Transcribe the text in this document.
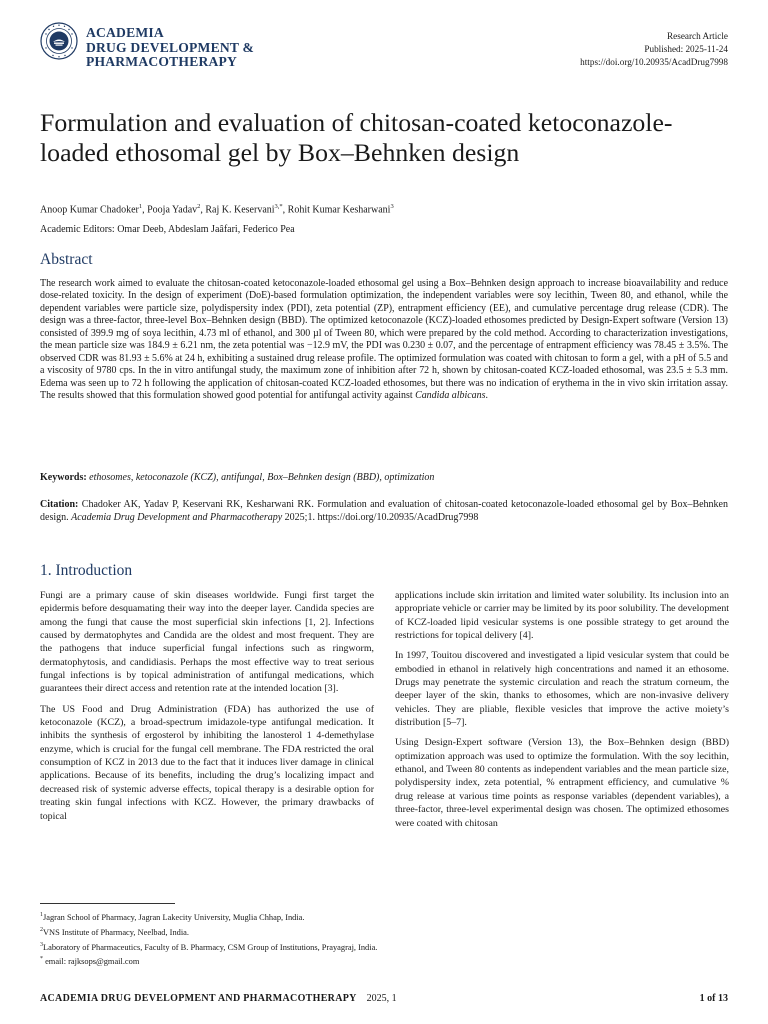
ACADEMIA
DRUG DEVELOPMENT &
PHARMACOTHERAPY
Research Article
Published: 2025-11-24
https://doi.org/10.20935/AcadDrug7998
Formulation and evaluation of chitosan-coated ketoconazole-loaded ethosomal gel by Box–Behnken design
Anoop Kumar Chadoker$^1$, Pooja Yadav$^2$, Raj K. Keservani$^{3,*}$, Rohit Kumar Kesharwani$^3$
Academic Editors: Omar Deeb, Abdeslam Jaâfari, Federico Pea
Abstract

The research work aimed to evaluate the chitosan-coated ketoconazole-loaded ethosomal gel using a Box–Behnken design approach to increase bioavailability and reduce dose-related toxicity. In the design of experiment (DoE)-based formulation optimization, the independent variables were soy lecithin, Tween 80, and ethanol, while the dependent variables were particle size, polydispersity index (PDI), zeta potential (ZP), entrapment efficiency (EE), and cumulative percentage drug release (CDR). The design was a three-factor, three-level Box–Behnken design (BBD). The optimized ketoconazole (KCZ)-loaded ethosomes predicted by Design-Expert software (Version 13) consisted of 399.9 mg of soya lecithin, 4.73 ml of ethanol, and 300 µl of Tween 80, which were prepared by the cold method. According to characterization investigations, the mean particle size was 184.9 ± 6.21 nm, the zeta potential was −12.9 mV, the PDI was 0.230 ± 0.07, and the percentage of entrapment efficiency was 78.45 ± 3.5%. The observed CDR was 81.93 ± 5.6% at 24 h, exhibiting a sustained drug release profile. The optimized formulation was coated with chitosan to form a gel, with a pH of 5.5 and a viscosity of 9780 cps. In the in vitro antifungal study, the maximum zone of inhibition after 72 h, shown by chitosan-coated KCZ-loaded ethosomal, was 23.5 ± 5.3 mm. Edema was seen up to 72 h following the application of chitosan-coated KCZ-loaded ethosomes, but there was no indication of erythema in the in vivo skin irritation assay. The results showed that this formulation showed good potential for antifungal activity against Candida albicans.

Keywords: ethosomes, ketoconazole (KCZ), antifungal, Box–Behnken design (BBD), optimization

Citation: Chadoker AK, Yadav P, Keservani RK, Kesharwani RK. Formulation and evaluation of chitosan-coated ketoconazole-loaded ethosomal gel by Box–Behnken design. Academia Drug Development and Pharmacotherapy 2025;1. https://doi.org/10.20935/AcadDrug7998

1. Introduction

Fungi are a primary cause of skin diseases worldwide. Fungi first target the epidermis before desquamating their way into the deeper layer. Candida species are among the fungi that cause the most superficial skin infections [1, 2]. Infections caused by dermatophytes and Candida are the oldest and most frequent. They are the pathogens that induce superficial fungal infections such as ringworm, dermatophytosis, and candidiasis. Perhaps the most effective way to treat serious fungal infections is by topical administration of antifungal medications, which guarantees their direct access and retention rate at the intended location [3].

The US Food and Drug Administration (FDA) has authorized the use of ketoconazole (KCZ), a broad-spectrum imidazole-type antifungal medication. It inhibits the synthesis of ergosterol by inhibiting the lanosterol 1 4-demethylase enzyme, which is crucial for the fungal cell membrane. The FDA restricted the oral consumption of KCZ in 2013 due to the fact that it induces liver damage in clinical applications. Because of its benefits, including the drug’s localizing impact and decreased risk of systemic adverse effects, topical therapy is a desirable option for treating skin fungal infections with KCZ. However, the primary drawbacks of topical

applications include skin irritation and limited water solubility. Its inclusion into an appropriate vehicle or carrier may be limited by its poor solubility. The development of KCZ-loaded lipid vesicular systems is one possible strategy to get around the restrictions for topical delivery [4].

In 1997, Touitou discovered and investigated a lipid vesicular system that could be embodied in ethanol in relatively high concentrations and named it an ethosome. Drugs may penetrate the systemic circulation and reach the stratum corneum, the deeper layer of the skin, thanks to ethosomes, which are non-invasive delivery vehicles. They are pliable, flexible vesicles that improve the active moiety’s distribution [5–7].

Using Design-Expert software (Version 13), the Box–Behnken design (BBD) optimization approach was used to optimize the formulation. With the soy lecithin, ethanol, and Tween 80 contents as independent variables and the mean particle size, polydispersity index, zeta potential, % entrapment efficiency, and cumulative % drug release at various time points as response variables (dependent variables), a three-factor, three-level experimental design was chosen. The optimized ethosomes were coated with chitosan

$^1$Jagran School of Pharmacy, Jagran Lakecity University, Muglia Chhap, India.
$^2$VNS Institute of Pharmacy, Neelbad, India.
$^3$Laboratory of Pharmaceutics, Faculty of B. Pharmacy, CSM Group of Institutions, Prayagraj, India.
* email: rajksops@gmail.com
ACADEMIA DRUG DEVELOPMENT AND PHARMACOTHERAPY 2025, 1	1 of 13
